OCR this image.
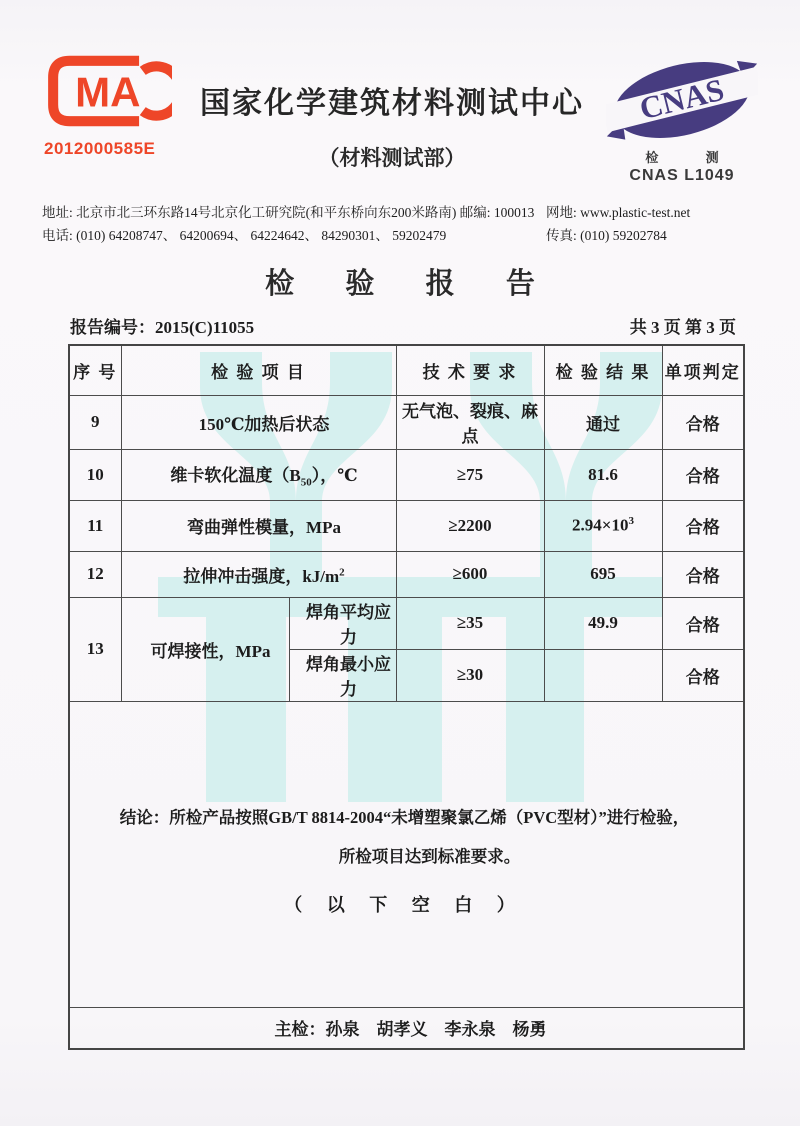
MA
2012000585E
国家化学建筑材料测试中心
（材料测试部）
CNAS
检 测
CNAS L1049
地址: 北京市北三环东路14号北京化工研究院(和平东桥向东200米路南) 邮编: 100013 网地: www.plastic-test.net
电话: (010) 64208747、 64200694、 64224642、 84290301、 59202479	传真: (010) 59202784
检 验 报 告
报告编号：2015(C)11055	共 3 页 第 3 页
序 号	检 验 项 目		技 术 要 求	检 验 结 果	单项判定
9	150℃加热后状态		无气泡、裂痕、麻点	通过	合格
10	维卡软化温度$(B_{50})$，℃		≥75	81.6	合格
11	弯曲弹性模量，MPa		≥2200	$2.94\times 10^3$	合格
12	拉伸冲击强度，$kJ/m^2$		≥600	695	合格
13	可焊接性，MPa	焊角平均应力	≥35	49.9	合格
		焊角最小应力	≥30		合格

结论：所检产品按照GB/T 8814-2004“未增塑聚氯乙烯（PVC型材）”进行检验，
所检项目达到标准要求。
（ 以 下 空 白 ）					

主检：孙泉　胡孝义　李永泉　杨勇					
